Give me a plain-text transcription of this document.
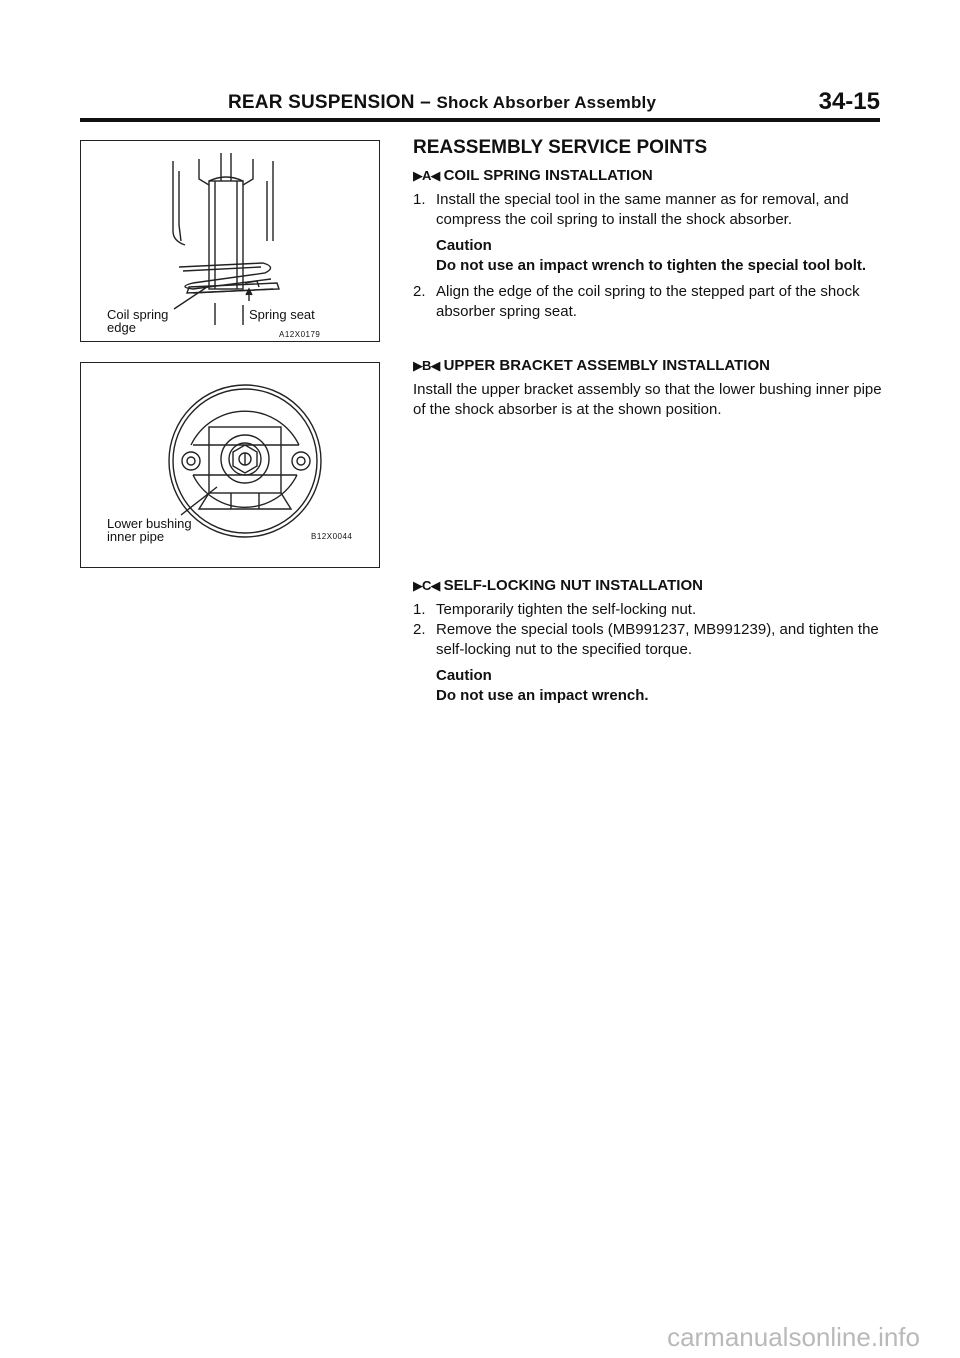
REAR SUSPENSION – Shock Absorber Assembly	34-15
Coil spring
edge
Spring seat
A12X0179
Lower bushing
inner pipe	B12X0044
REASSEMBLY SERVICE POINTS
▶A◀ COIL SPRING INSTALLATION
1. Install the special tool in the same manner as for removal, and compress the coil spring to install the shock absorber.
Caution
Do not use an impact wrench to tighten the special tool bolt.
2. Align the edge of the coil spring to the stepped part of the shock absorber spring seat.
▶B◀ UPPER BRACKET ASSEMBLY INSTALLATION

Install the upper bracket assembly so that the lower bushing inner pipe of the shock absorber is at the shown position.

▶C◀ SELF-LOCKING NUT INSTALLATION
1. Temporarily tighten the self-locking nut.
2. Remove the special tools (MB991237, MB991239), and tighten the self-locking nut to the specified torque.
Caution
Do not use an impact wrench.
carmanualsonline.info
